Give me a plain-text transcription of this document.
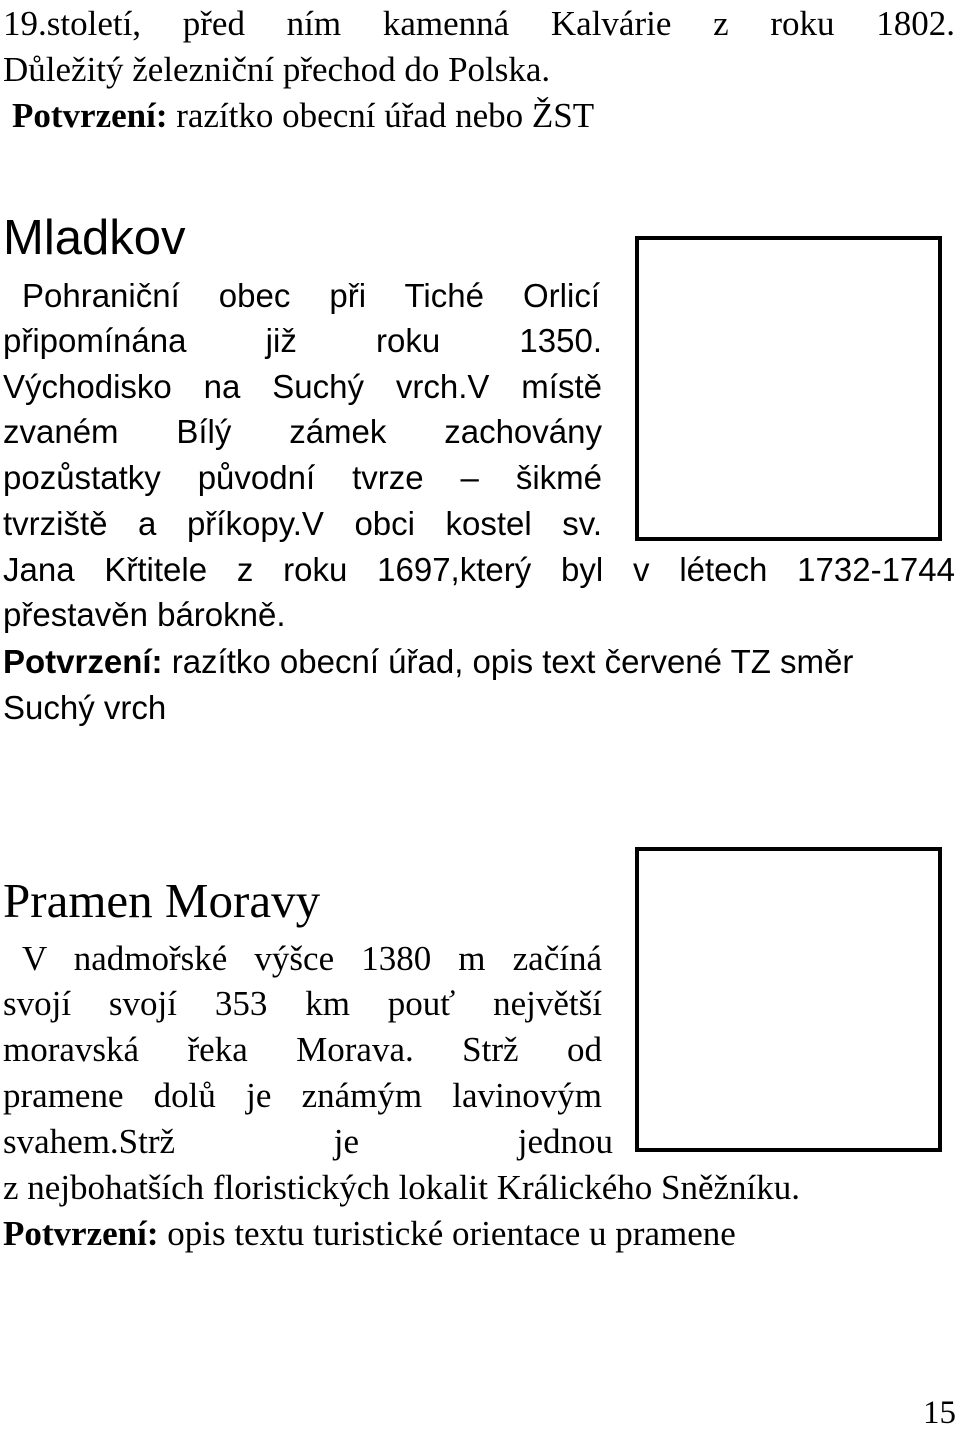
19.století, před ním kamenná Kalvárie z roku 1802.
Důležitý železniční přechod do Polska.
Potvrzení: razítko obecní úřad nebo ŽST
Mladkov
Pohraniční obec při Tiché Orlicí
připomínána již roku 1350.
Východisko na Suchý vrch.V místě
zvaném Bílý zámek zachovány
pozůstatky původní tvrze – šikmé
tvrziště a příkopy.V obci kostel sv.
Jana Křtitele z roku 1697,který byl v létech 1732-1744
přestavěn bárokně.
Potvrzení: razítko obecní úřad, opis text červené TZ směr
Suchý vrch
Pramen Moravy
V nadmořské výšce 1380 m začíná
svojí svojí 353 km pouť největší
moravská řeka Morava. Strž od
pramene dolů je známým lavinovým
svahem.Strž je jednou
z nejbohatších floristických lokalit Králického Sněžníku.
Potvrzení: opis textu turistické orientace u pramene
15
